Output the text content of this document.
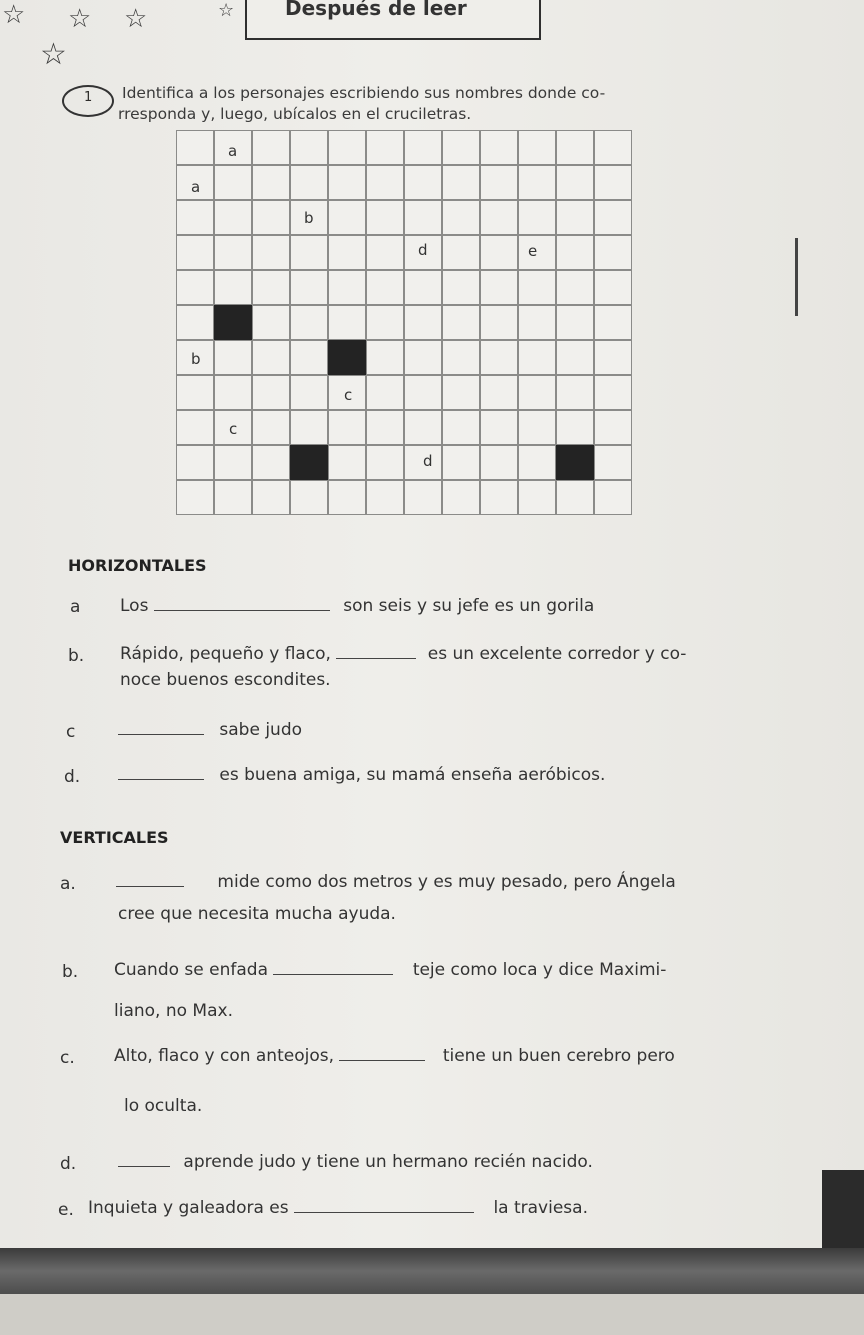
☆ ☆ ☆	☆
☆
Después de leer
1 Identifica a los personajes escribiendo sus nombres donde co-
rresponda y, luego, ubícalos en el cruciletras.
a
a
b
d	e
b
c
c
d
HORIZONTALES
a Los	son seis y su jefe es un gorila
b. Rápido, pequeño y flaco,	es un excelente corredor y co-
noce buenos escondites.
c	sabe judo
d.	es buena amiga, su mamá enseña aeróbicos.
VERTICALES
a.	mide como dos metros y es muy pesado, pero Ángela
cree que necesita mucha ayuda.
b. Cuando se enfada	teje como loca y dice Maximi-
liano, no Max.
c. Alto, flaco y con anteojos,	tiene un buen cerebro pero
lo oculta.
d.	aprende judo y tiene un hermano recién nacido.
e. Inquieta y galeadora es	la traviesa.
